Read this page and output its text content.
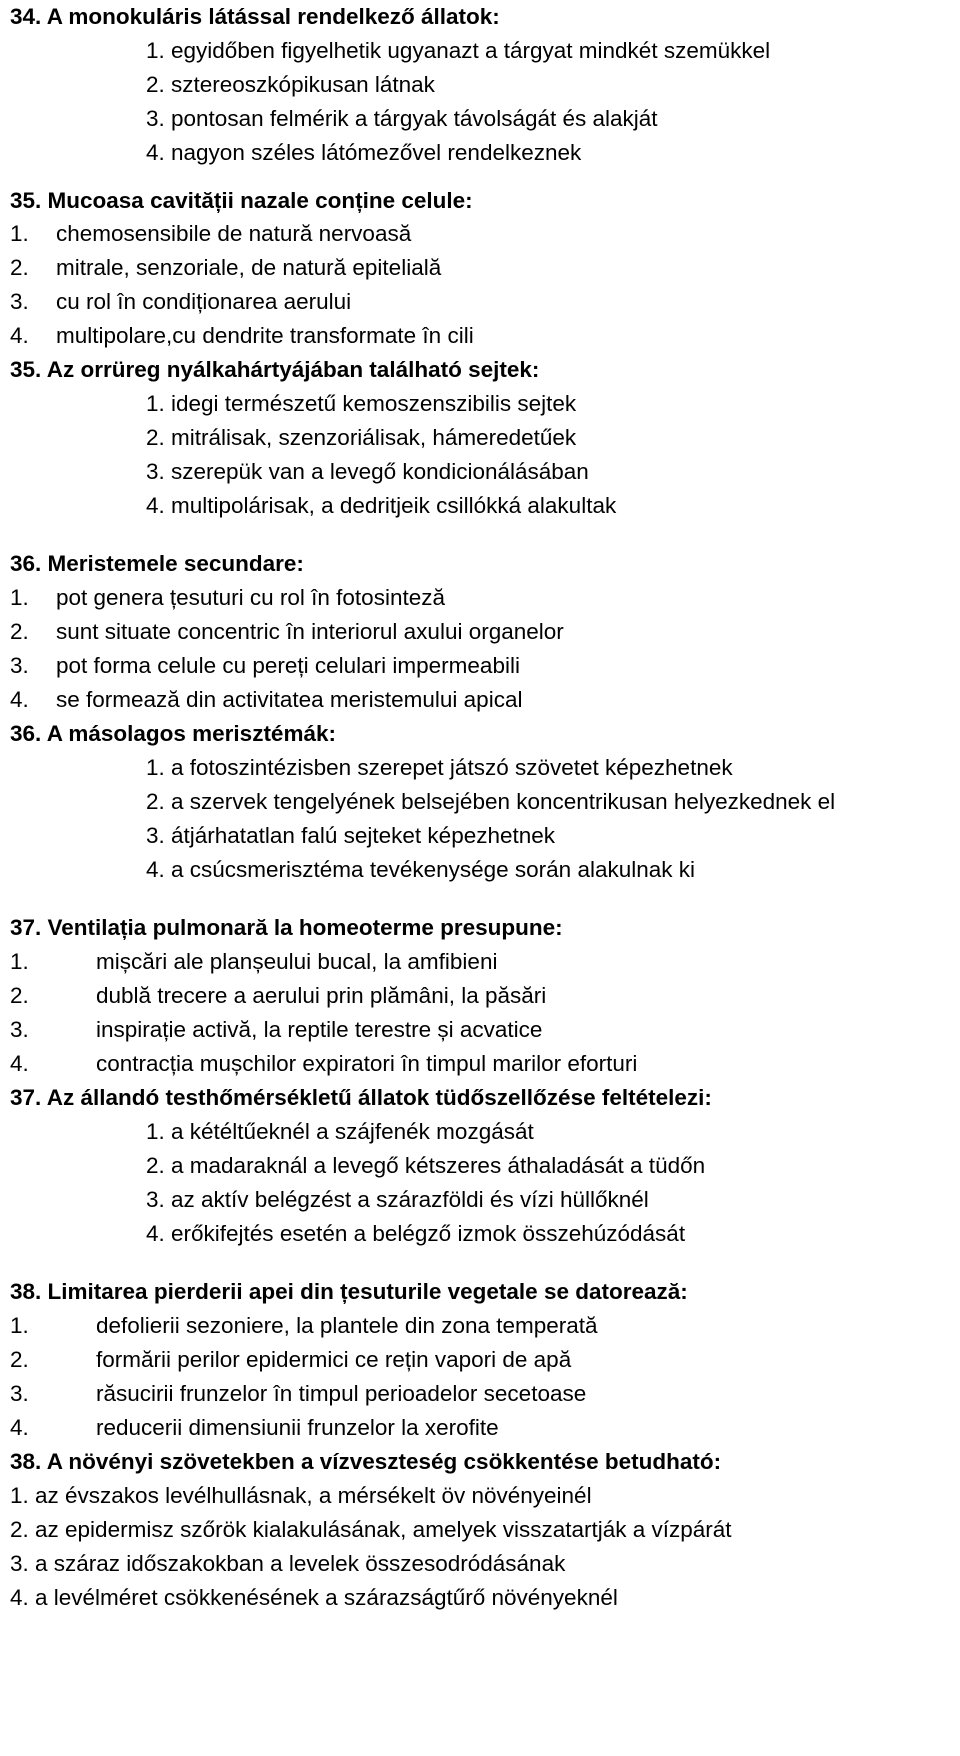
34. A monokuláris látással rendelkező állatok:
1. egyidőben figyelhetik ugyanazt a tárgyat mindkét szemükkel
2. sztereoszkópikusan látnak
3. pontosan felmérik a tárgyak távolságát és alakját
4. nagyon széles látómezővel rendelkeznek
35. Mucoasa cavității nazale conține celule:
1. chemosensibile de natură nervoasă
2. mitrale, senzoriale, de natură epitelială
3. cu rol în condiționarea aerului
4. multipolare,cu dendrite transformate în cili
35. Az orrüreg nyálkahártyájában található sejtek:
1. idegi természetű kemoszenszibilis sejtek
2. mitrálisak, szenzoriálisak, hámeredetűek
3. szerepük van a levegő kondicionálásában
4. multipolárisak, a dedritjeik csillókká alakultak
36. Meristemele secundare:
1. pot genera țesuturi cu rol în fotosinteză
2. sunt situate concentric în interiorul axului organelor
3. pot forma celule cu pereți celulari impermeabili
4. se formează din activitatea meristemului apical
36. A másolagos merisztémák:
1. a fotoszintézisben szerepet játszó szövetet képezhetnek
2. a szervek tengelyének belsejében koncentrikusan helyezkednek el
3. átjárhatatlan falú sejteket képezhetnek
4. a csúcsmerisztéma tevékenysége során alakulnak ki
37. Ventilația pulmonară la homeoterme presupune:
1.	mișcări ale planșeului bucal, la amfibieni
2.	dublă trecere a aerului prin plămâni, la păsări
3.	inspirație activă, la reptile terestre și acvatice
4.	contracția mușchilor expiratori în timpul marilor eforturi
37. Az állandó testhőmérsékletű állatok tüdőszellőzése feltételezi:
1. a kétéltűeknél a szájfenék mozgását
2. a madaraknál a levegő kétszeres áthaladását a tüdőn
3. az aktív belégzést a szárazföldi és vízi hüllőknél
4. erőkifejtés esetén a belégző izmok összehúzódását
38. Limitarea pierderii apei din țesuturile vegetale se datorează:
1.	defolierii sezoniere, la plantele din zona temperată
2.	formării perilor epidermici ce rețin vapori de apă
3.	răsucirii frunzelor în timpul perioadelor secetoase
4.	reducerii dimensiunii frunzelor la xerofite
38. A növényi szövetekben a vízveszteség csökkentése betudható:
1. az évszakos levélhullásnak, a mérsékelt öv növényeinél
2. az epidermisz szőrök kialakulásának, amelyek visszatartják a vízpárát
3. a száraz időszakokban a levelek összesodródásának
4. a levélméret csökkenésének a szárazságtűrő növényeknél
